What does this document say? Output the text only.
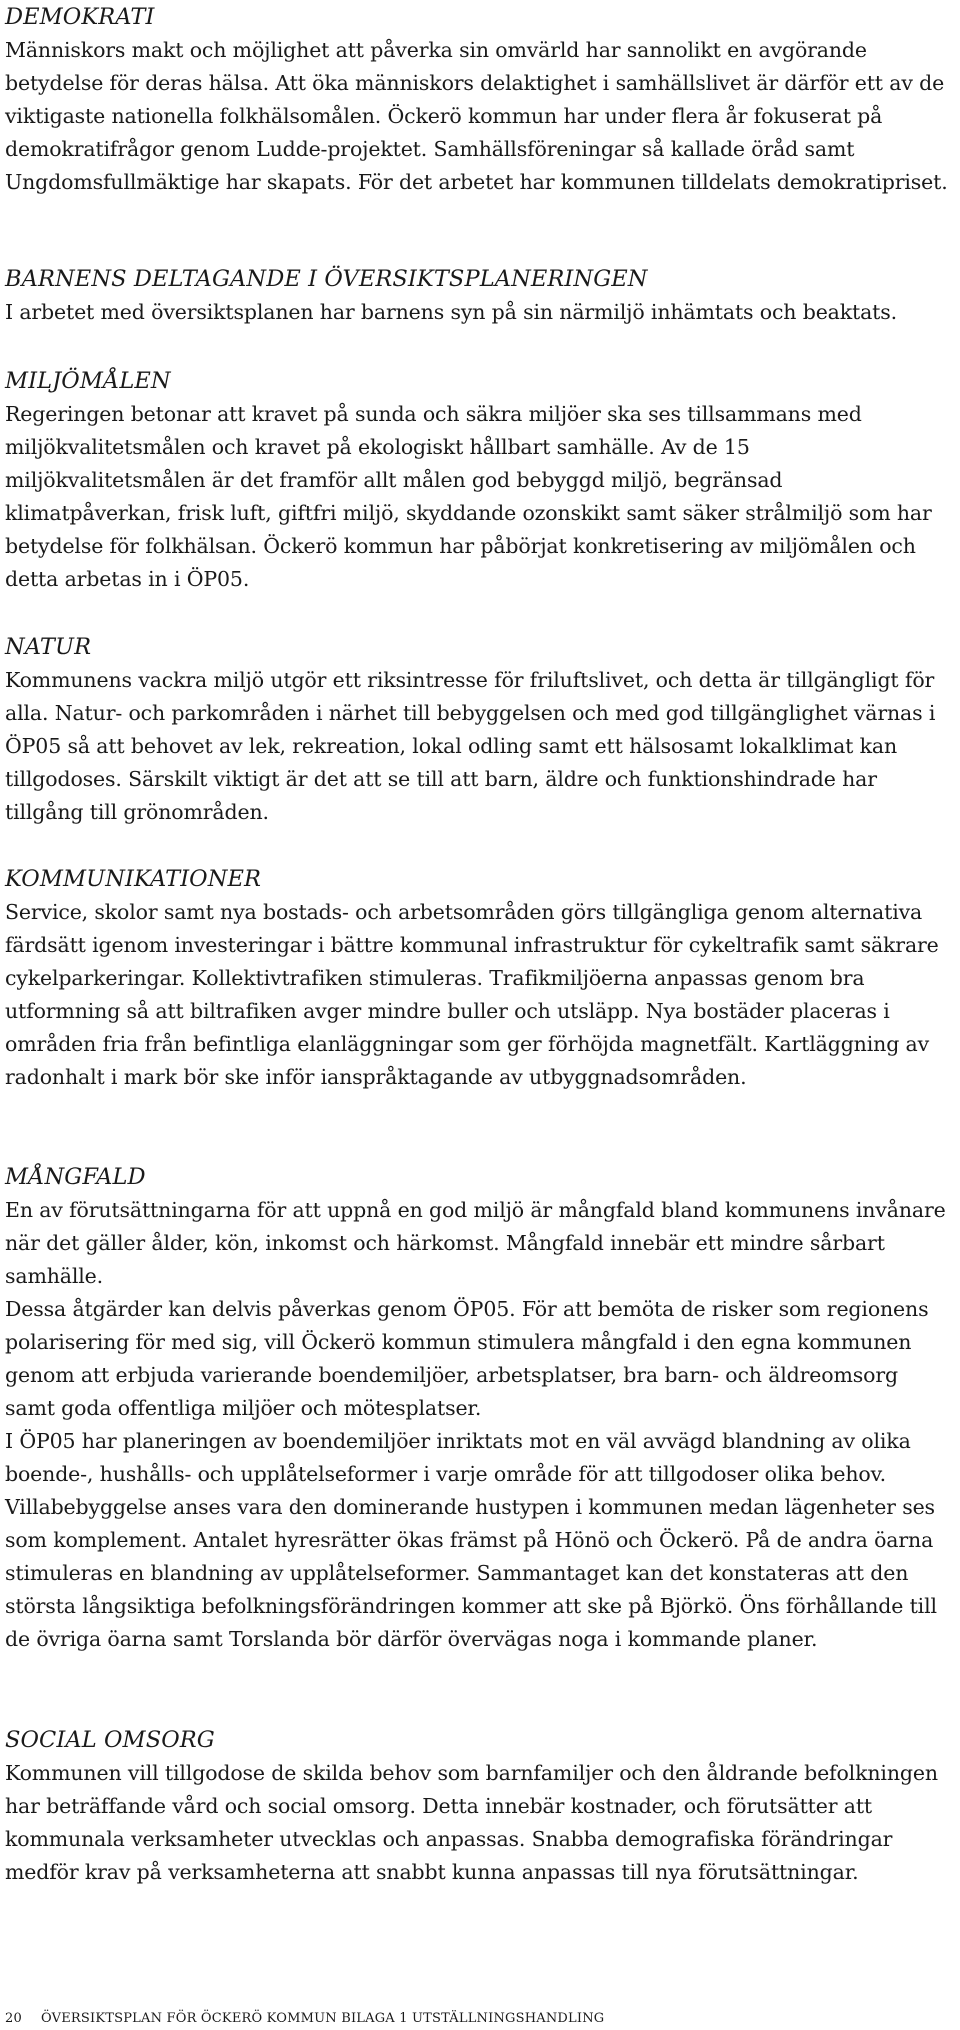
DEMOKRATI

Människors makt och möjlighet att påverka sin omvärld har sannolikt en avgörande betydelse för deras hälsa. Att öka människors delaktighet i samhällslivet är därför ett av de viktigaste nationella folkhälsomålen. Öckerö kommun har under flera år fokuserat på demokratifrågor genom Ludde-projektet. Samhällsföreningar så kallade öråd samt Ungdomsfullmäktige har skapats. För det arbetet har kommunen tilldelats demokratipriset.

BARNENS DELTAGANDE I ÖVERSIKTSPLANERINGEN

I arbetet med översiktsplanen har barnens syn på sin närmiljö inhämtats och beaktats.

MILJÖMÅLEN

Regeringen betonar att kravet på sunda och säkra miljöer ska ses tillsammans med miljökvalitetsmålen och kravet på ekologiskt hållbart samhälle. Av de 15 miljökvalitetsmålen är det framför allt målen god bebyggd miljö, begränsad klimatpåverkan, frisk luft, giftfri miljö, skyddande ozonskikt samt säker strålmiljö som har betydelse för folkhälsan. Öckerö kommun har påbörjat konkretisering av miljömålen och detta arbetas in i ÖP05.

NATUR

Kommunens vackra miljö utgör ett riksintresse för friluftslivet, och detta är tillgängligt för alla. Natur- och parkområden i närhet till bebyggelsen och med god tillgänglighet värnas i ÖP05 så att behovet av lek, rekreation, lokal odling samt ett hälsosamt lokalklimat kan tillgodoses. Särskilt viktigt är det att se till att barn, äldre och funktionshindrade har tillgång till grönområden.

KOMMUNIKATIONER

Service, skolor samt nya bostads- och arbetsområden görs tillgängliga genom alternativa färdsätt igenom investeringar i bättre kommunal infrastruktur för cykeltrafik samt säkrare cykelparkeringar. Kollektivtrafiken stimuleras. Trafikmiljöerna anpassas genom bra utformning så att biltrafiken avger mindre buller och utsläpp. Nya bostäder placeras i områden fria från befintliga elanläggningar som ger förhöjda magnetfält. Kartläggning av radonhalt i mark bör ske inför ianspråktagande av utbyggnadsområden.

MÅNGFALD

En av förutsättningarna för att uppnå en god miljö är mångfald bland kommunens invånare när det gäller ålder, kön, inkomst och härkomst. Mångfald innebär ett mindre sårbart samhälle.

Dessa åtgärder kan delvis påverkas genom ÖP05. För att bemöta de risker som regionens polarisering för med sig, vill Öckerö kommun stimulera mångfald i den egna kommunen genom att erbjuda varierande boendemiljöer, arbetsplatser, bra barn- och äldreomsorg samt goda offentliga miljöer och mötesplatser.

I ÖP05 har planeringen av boendemiljöer inriktats mot en väl avvägd blandning av olika boende-, hushålls- och upplåtelseformer i varje område för att tillgodoser olika behov. Villabebyggelse anses vara den dominerande hustypen i kommunen medan lägenheter ses som komplement. Antalet hyresrätter ökas främst på Hönö och Öckerö. På de andra öarna stimuleras en blandning av upplåtelseformer. Sammantaget kan det konstateras att den största långsiktiga befolkningsförändringen kommer att ske på Björkö. Öns förhållande till de övriga öarna samt Torslanda bör därför övervägas noga i kommande planer.

SOCIAL OMSORG

Kommunen vill tillgodose de skilda behov som barnfamiljer och den åldrande befolkningen har beträffande vård och social omsorg. Detta innebär kostnader, och förutsätter att kommunala verksamheter utvecklas och anpassas. Snabba demografiska förändringar medför krav på verksamheterna att snabbt kunna anpassas till nya förutsättningar.

20 ÖVERSIKTSPLAN FÖR ÖCKERÖ KOMMUN BILAGA 1 UTSTÄLLNINGSHANDLING
